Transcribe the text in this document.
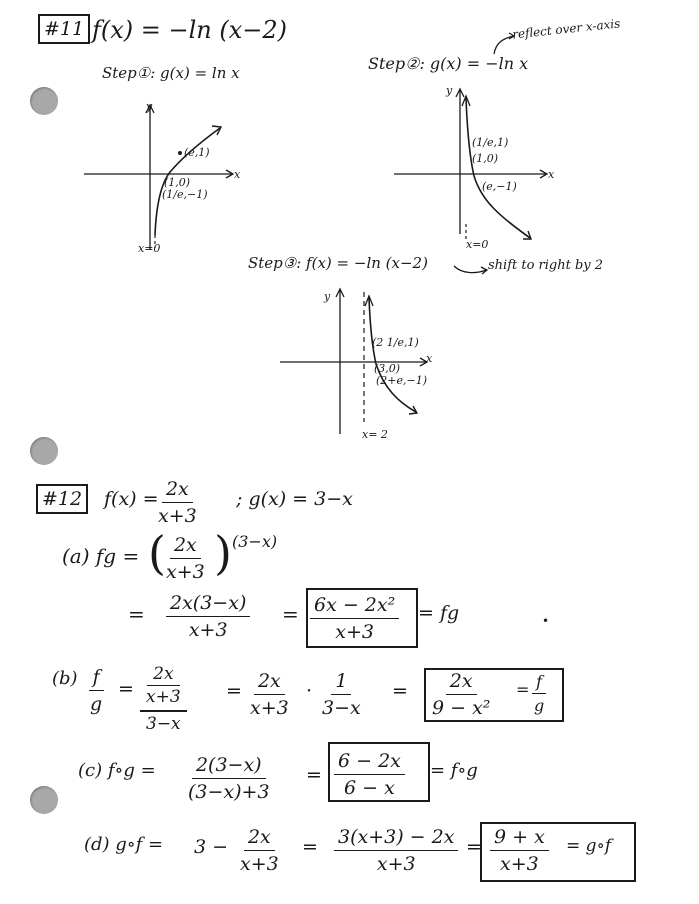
#11 f(x) = −ln (x−2)
Step①: g(x) = ln x	Step②: g(x) = −ln x
reflect over x-axis
y
x
(e,1)
(1,0)
(1/e,−1)
x=0
y
x
(1/e,1)
(1,0)
(e,−1)
x=0
Step③: f(x) = −ln (x−2)	shift to right by 2
y
x
(2 1/e,1)
(3,0)
(2+e,−1)
x= 2
#12	f(x) =
$\frac{2x}{x+3}$ ; g(x) = 3−x
(a) fg = (
$\frac{2x}{x+3}$ ) (3−x)
= $\frac{2x(3-x)}{x+3} = \frac{\text{6x − 2x²}}{x+3}$ = fg	•
$(b) \frac{f}{g}$ =
2x
x+3
3−x
= $\frac{2x}{x+3} \cdot \frac{1}{3-x} = \frac{2x}{\text{9 − x²}} = \frac{f}{g}$
(c) f∘g = $\frac{2(3-x)}{(3-x)+3} = \frac{6 - 2x}{6 - x}$ = f∘g
(d) g∘f = $3 - \frac{2x}{x+3} = \frac{3(x+3) - 2x}{x+3} = \frac{9 + x}{x+3}$ = g∘f
